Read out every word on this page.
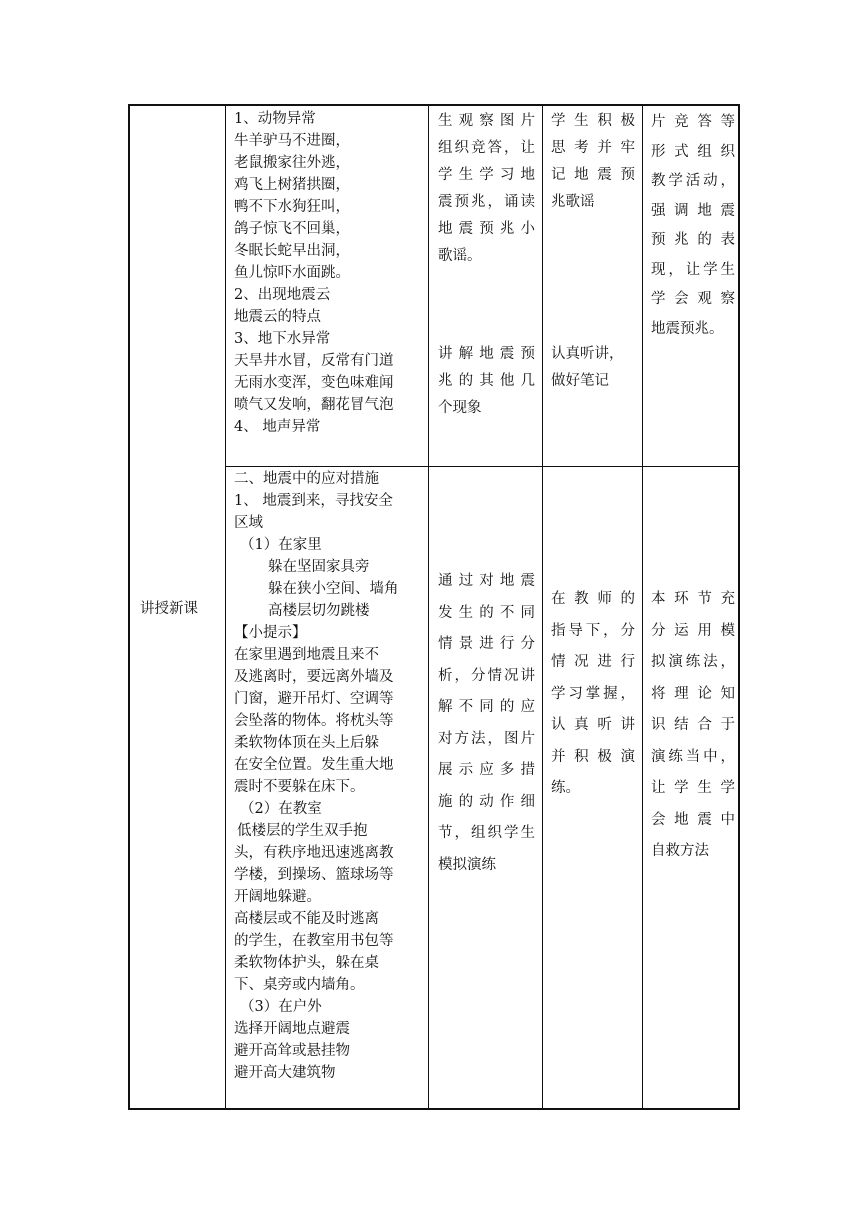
讲授新课
1、动物异常
牛羊驴马不进圈，
老鼠搬家往外逃，
鸡飞上树猪拱圈，
鸭不下水狗狂叫，
鸽子惊飞不回巢，
冬眠长蛇早出洞，
鱼儿惊吓水面跳。
2、出现地震云
地震云的特点
3、地下水异常
天旱井水冒，反常有门道
无雨水变浑，变色味难闻
喷气又发响，翻花冒气泡
4、 地声异常
生观察图片
组织竞答，让
学生学习地
震预兆，诵读
地震预兆小
歌谣。
讲解地震预
兆的其他几
个现象
学生积极
思考并牢
记地震预
兆歌谣
认真听讲，
做好笔记
片竞答等
形式组织
教学活动，
强调地震
预兆的表
现，让学生
学会观察
地震预兆。
二、地震中的应对措施
1、 地震到来，寻找安全
区域
（1）在家里
躲在坚固家具旁
躲在狭小空间、墙角
高楼层切勿跳楼
【小提示】
在家里遇到地震且来不
及逃离时，要远离外墙及
门窗，避开吊灯、空调等
会坠落的物体。将枕头等
柔软物体顶在头上后躲
在安全位置。发生重大地
震时不要躲在床下。
（2）在教室
低楼层的学生双手抱
头，有秩序地迅速逃离教
学楼，到操场、篮球场等
开阔地躲避。
高楼层或不能及时逃离
的学生，在教室用书包等
柔软物体护头，躲在桌
下、桌旁或内墙角。
（3）在户外
选择开阔地点避震
避开高耸或悬挂物
避开高大建筑物
通过对地震
发生的不同
情景进行分
析，分情况讲
解不同的应
对方法，图片
展示应多措
施的动作细
节，组织学生
模拟演练
在教师的
指导下，分
情况进行
学习掌握，
认真听讲
并积极演
练。
本环节充
分运用模
拟演练法，
将理论知
识结合于
演练当中，
让学生学
会地震中
自救方法
